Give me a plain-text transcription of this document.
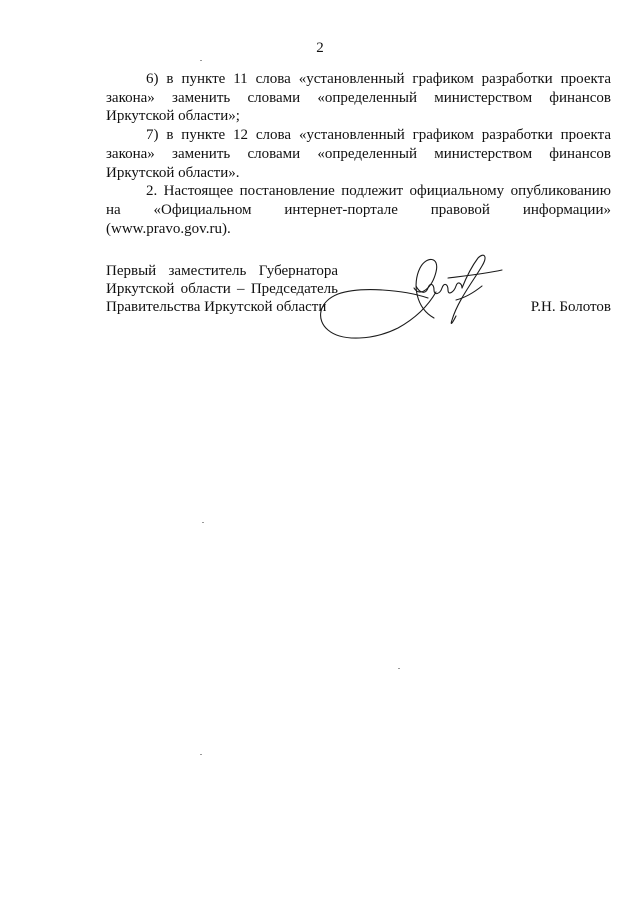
2

6) в пункте 11 слова «установленный графиком разработки проекта закона» заменить словами «определенный министерством финансов Иркутской области»;

7) в пункте 12 слова «установленный графиком разработки проекта закона» заменить словами «определенный министерством финансов Иркутской области».

2. Настоящее постановление подлежит официальному опубликованию на «Официальном интернет-портале правовой информации» (www.pravo.gov.ru).

Первый заместитель Губернатора
Иркутской области – Председатель
Правительства Иркутской области	Р.Н. Болотов
